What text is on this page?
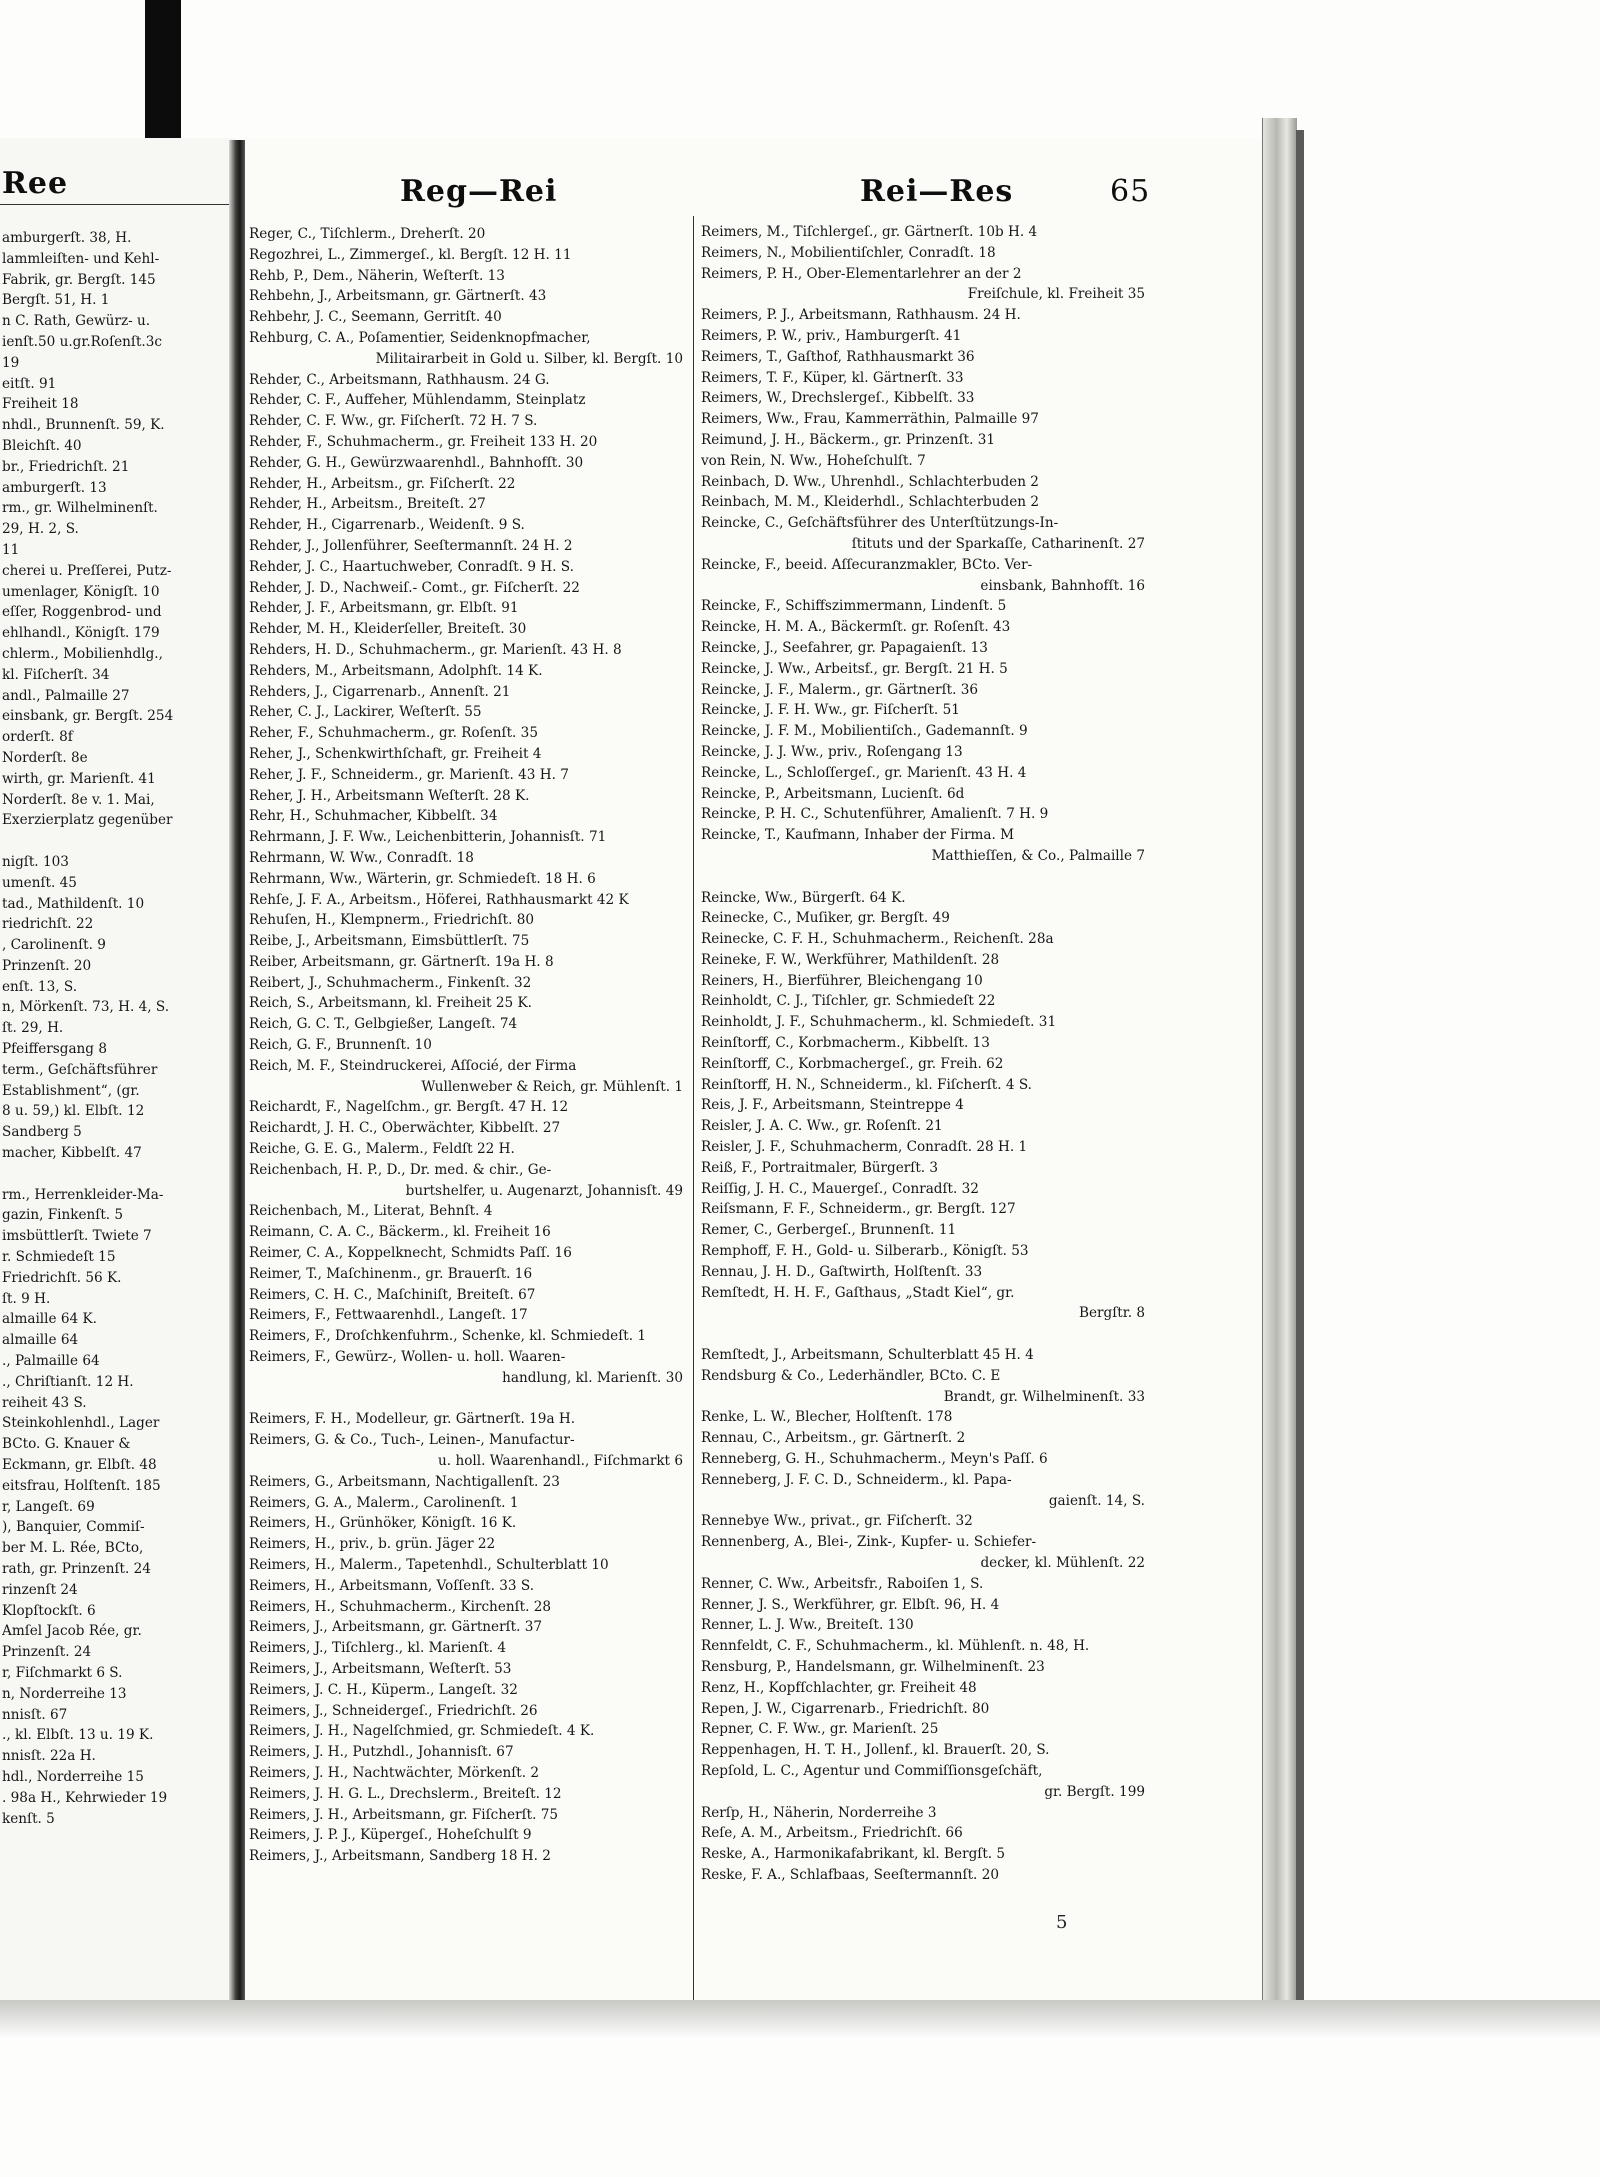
Ree
amburgerſt. 38, H.
lammleiſten- und Kehl-
Fabrik, gr. Bergſt. 145
Bergſt. 51, H. 1
n C. Rath, Gewürz- u.
ienſt.50 u.gr.Roſenſt.3c
19
eitſt. 91
Freiheit 18
nhdl., Brunnenſt. 59, K.
Bleichſt. 40
br., Friedrichſt. 21
amburgerſt. 13
rm., gr. Wilhelminenſt.
29, H. 2, S.
11
cherei u. Preſſerei, Putz-
umenlager, Königſt. 10
eſſer, Roggenbrod- und
ehlhandl., Königſt. 179
chlerm., Mobilienhdlg.,
kl. Fiſcherſt. 34
andl., Palmaille 27
einsbank, gr. Bergſt. 254
orderſt. 8f
Norderſt. 8e
wirth, gr. Marienſt. 41
Norderſt. 8e v. 1. Mai,
Exerzierplatz gegenüber
nigſt. 103
umenſt. 45
tad., Mathildenſt. 10
riedrichſt. 22
, Carolinenſt. 9
Prinzenſt. 20
enſt. 13, S.
n, Mörkenſt. 73, H. 4, S.
ſt. 29, H.
Pfeiffersgang 8
term., Geſchäftsführer
Establishment“, (gr.
8 u. 59,) kl. Elbſt. 12
Sandberg 5
macher, Kibbelſt. 47
rm., Herrenkleider-Ma-
gazin, Finkenſt. 5
imsbüttlerſt. Twiete 7
r. Schmiedeſt 15
Friedrichſt. 56 K.
ſt. 9 H.
almaille 64 K.
almaille 64
., Palmaille 64
., Chriſtianſt. 12 H.
reiheit 43 S.
Steinkohlenhdl., Lager
BCto. G. Knauer &
Eckmann, gr. Elbſt. 48
eitsfrau, Holſtenſt. 185
r, Langeſt. 69
), Banquier, Commiſ-
ber M. L. Rée, BCto,
rath, gr. Prinzenſt. 24
rinzenſt 24
Klopſtockſt. 6
Amſel Jacob Rée, gr.
Prinzenſt. 24
r, Fiſchmarkt 6 S.
n, Norderreihe 13
nnisſt. 67
., kl. Elbſt. 13 u. 19 K.
nnisſt. 22a H.
hdl., Norderreihe 15
. 98a H., Kehrwieder 19
kenſt. 5
Reg—Rei	Rei—Res	65
Reger, C., Tiſchlerm., Dreherſt. 20
Regozhrei, L., Zimmergeſ., kl. Bergſt. 12 H. 11
Rehb, P., Dem., Näherin, Weſterſt. 13
Rehbehn, J., Arbeitsmann, gr. Gärtnerſt. 43
Rehbehr, J. C., Seemann, Gerritſt. 40
Rehburg, C. A., Poſamentier, Seidenknopfmacher,
Militairarbeit in Gold u. Silber, kl. Bergſt. 10
Rehder, C., Arbeitsmann, Rathhausm. 24 G.
Rehder, C. F., Auffeher, Mühlendamm, Steinplatz
Rehder, C. F. Ww., gr. Fiſcherſt. 72 H. 7 S.
Rehder, F., Schuhmacherm., gr. Freiheit 133 H. 20
Rehder, G. H., Gewürzwaarenhdl., Bahnhofſt. 30
Rehder, H., Arbeitsm., gr. Fiſcherſt. 22
Rehder, H., Arbeitsm., Breiteſt. 27
Rehder, H., Cigarrenarb., Weidenſt. 9 S.
Rehder, J., Jollenführer, Seeſtermannſt. 24 H. 2
Rehder, J. C., Haartuchweber, Conradſt. 9 H. S.
Rehder, J. D., Nachweiſ.- Comt., gr. Fiſcherſt. 22
Rehder, J. F., Arbeitsmann, gr. Elbſt. 91
Rehder, M. H., Kleiderſeller, Breiteſt. 30
Rehders, H. D., Schuhmacherm., gr. Marienſt. 43 H. 8
Rehders, M., Arbeitsmann, Adolphſt. 14 K.
Rehders, J., Cigarrenarb., Annenſt. 21
Reher, C. J., Lackirer, Weſterſt. 55
Reher, F., Schuhmacherm., gr. Roſenſt. 35
Reher, J., Schenkwirthſchaft, gr. Freiheit 4
Reher, J. F., Schneiderm., gr. Marienſt. 43 H. 7
Reher, J. H., Arbeitsmann Weſterſt. 28 K.
Rehr, H., Schuhmacher, Kibbelſt. 34
Rehrmann, J. F. Ww., Leichenbitterin, Johannisſt. 71
Rehrmann, W. Ww., Conradſt. 18
Rehrmann, Ww., Wärterin, gr. Schmiedeſt. 18 H. 6
Rehſe, J. F. A., Arbeitsm., Höferei, Rathhausmarkt 42 K
Rehuſen, H., Klempnerm., Friedrichſt. 80
Reibe, J., Arbeitsmann, Eimsbüttlerſt. 75
Reiber, Arbeitsmann, gr. Gärtnerſt. 19a H. 8
Reibert, J., Schuhmacherm., Finkenſt. 32
Reich, S., Arbeitsmann, kl. Freiheit 25 K.
Reich, G. C. T., Gelbgießer, Langeſt. 74
Reich, G. F., Brunnenſt. 10
Reich, M. F., Steindruckerei, Aſſocié, der Firma
Wullenweber & Reich, gr. Mühlenſt. 1
Reichardt, F., Nagelſchm., gr. Bergſt. 47 H. 12
Reichardt, J. H. C., Oberwächter, Kibbelſt. 27
Reiche, G. E. G., Malerm., Feldſt 22 H.
Reichenbach, H. P., D., Dr. med. & chir., Ge-
burtshelfer, u. Augenarzt, Johannisſt. 49
Reichenbach, M., Literat, Behnſt. 4
Reimann, C. A. C., Bäckerm., kl. Freiheit 16
Reimer, C. A., Koppelknecht, Schmidts Paſſ. 16
Reimer, T., Maſchinenm., gr. Brauerſt. 16
Reimers, C. H. C., Maſchiniſt, Breiteſt. 67
Reimers, F., Fettwaarenhdl., Langeſt. 17
Reimers, F., Droſchkenfuhrm., Schenke, kl. Schmiedeſt. 1
Reimers, F., Gewürz-, Wollen- u. holl. Waaren-
handlung, kl. Marienſt. 30
Reimers, F. H., Modelleur, gr. Gärtnerſt. 19a H.
Reimers, G. & Co., Tuch-, Leinen-, Manufactur-
u. holl. Waarenhandl., Fiſchmarkt 6
Reimers, G., Arbeitsmann, Nachtigallenſt. 23
Reimers, G. A., Malerm., Carolinenſt. 1
Reimers, H., Grünhöker, Königſt. 16 K.
Reimers, H., priv., b. grün. Jäger 22
Reimers, H., Malerm., Tapetenhdl., Schulterblatt 10
Reimers, H., Arbeitsmann, Voſſenſt. 33 S.
Reimers, H., Schuhmacherm., Kirchenſt. 28
Reimers, J., Arbeitsmann, gr. Gärtnerſt. 37
Reimers, J., Tiſchlerg., kl. Marienſt. 4
Reimers, J., Arbeitsmann, Weſterſt. 53
Reimers, J. C. H., Küperm., Langeſt. 32
Reimers, J., Schneidergeſ., Friedrichſt. 26
Reimers, J. H., Nagelſchmied, gr. Schmiedeſt. 4 K.
Reimers, J. H., Putzhdl., Johannisſt. 67
Reimers, J. H., Nachtwächter, Mörkenſt. 2
Reimers, J. H. G. L., Drechslerm., Breiteſt. 12
Reimers, J. H., Arbeitsmann, gr. Fiſcherſt. 75
Reimers, J. P. J., Küpergeſ., Hoheſchulſt 9
Reimers, J., Arbeitsmann, Sandberg 18 H. 2
Reimers, M., Tiſchlergeſ., gr. Gärtnerſt. 10b H. 4
Reimers, N., Mobilientiſchler, Conradſt. 18
Reimers, P. H., Ober-Elementarlehrer an der 2
Freiſchule, kl. Freiheit 35
Reimers, P. J., Arbeitsmann, Rathhausm. 24 H.
Reimers, P. W., priv., Hamburgerſt. 41
Reimers, T., Gaſthof, Rathhausmarkt 36
Reimers, T. F., Küper, kl. Gärtnerſt. 33
Reimers, W., Drechslergeſ., Kibbelſt. 33
Reimers, Ww., Frau, Kammerräthin, Palmaille 97
Reimund, J. H., Bäckerm., gr. Prinzenſt. 31
von Rein, N. Ww., Hoheſchulſt. 7
Reinbach, D. Ww., Uhrenhdl., Schlachterbuden 2
Reinbach, M. M., Kleiderhdl., Schlachterbuden 2
Reincke, C., Geſchäftsführer des Unterſtützungs-In-
ſtituts und der Sparkaſſe, Catharinenſt. 27
Reincke, F., beeid. Aſſecuranzmakler, BCto. Ver-
einsbank, Bahnhofſt. 16
Reincke, F., Schiffszimmermann, Lindenſt. 5
Reincke, H. M. A., Bäckermſt. gr. Roſenſt. 43
Reincke, J., Seefahrer, gr. Papagaienſt. 13
Reincke, J. Ww., Arbeitsf., gr. Bergſt. 21 H. 5
Reincke, J. F., Malerm., gr. Gärtnerſt. 36
Reincke, J. F. H. Ww., gr. Fiſcherſt. 51
Reincke, J. F. M., Mobilientiſch., Gademannſt. 9
Reincke, J. J. Ww., priv., Roſengang 13
Reincke, L., Schloſſergeſ., gr. Marienſt. 43 H. 4
Reincke, P., Arbeitsmann, Lucienſt. 6d
Reincke, P. H. C., Schutenführer, Amalienſt. 7 H. 9
Reincke, T., Kaufmann, Inhaber der Firma. M
Matthieſſen, & Co., Palmaille 7
Reincke, Ww., Bürgerſt. 64 K.
Reinecke, C., Muſiker, gr. Bergſt. 49
Reinecke, C. F. H., Schuhmacherm., Reichenſt. 28a
Reineke, F. W., Werkführer, Mathildenſt. 28
Reiners, H., Bierführer, Bleichengang 10
Reinholdt, C. J., Tiſchler, gr. Schmiedeſt 22
Reinholdt, J. F., Schuhmacherm., kl. Schmiedeſt. 31
Reinſtorff, C., Korbmacherm., Kibbelſt. 13
Reinſtorff, C., Korbmachergeſ., gr. Freih. 62
Reinſtorff, H. N., Schneiderm., kl. Fiſcherſt. 4 S.
Reis, J. F., Arbeitsmann, Steintreppe 4
Reisler, J. A. C. Ww., gr. Roſenſt. 21
Reisler, J. F., Schuhmacherm, Conradſt. 28 H. 1
Reiß, F., Portraitmaler, Bürgerſt. 3
Reiſſig, J. H. C., Mauergeſ., Conradſt. 32
Reiſsmann, F. F., Schneiderm., gr. Bergſt. 127
Remer, C., Gerbergeſ., Brunnenſt. 11
Remphoff, F. H., Gold- u. Silberarb., Königſt. 53
Rennau, J. H. D., Gaſtwirth, Holſtenſt. 33
Remſtedt, H. H. F., Gaſthaus, „Stadt Kiel“, gr.
Bergſtr. 8
Remſtedt, J., Arbeitsmann, Schulterblatt 45 H. 4
Rendsburg & Co., Lederhändler, BCto. C. E
Brandt, gr. Wilhelminenſt. 33
Renke, L. W., Blecher, Holſtenſt. 178
Rennau, C., Arbeitsm., gr. Gärtnerſt. 2
Renneberg, G. H., Schuhmacherm., Meyn's Paſſ. 6
Renneberg, J. F. C. D., Schneiderm., kl. Papa-
gaienſt. 14, S.
Rennebye Ww., privat., gr. Fiſcherſt. 32
Rennenberg, A., Blei-, Zink-, Kupfer- u. Schiefer-
decker, kl. Mühlenſt. 22
Renner, C. Ww., Arbeitsfr., Raboiſen 1, S.
Renner, J. S., Werkführer, gr. Elbſt. 96, H. 4
Renner, L. J. Ww., Breiteſt. 130
Rennfeldt, C. F., Schuhmacherm., kl. Mühlenſt. n. 48, H.
Rensburg, P., Handelsmann, gr. Wilhelminenſt. 23
Renz, H., Kopfſchlachter, gr. Freiheit 48
Repen, J. W., Cigarrenarb., Friedrichſt. 80
Repner, C. F. Ww., gr. Marienſt. 25
Reppenhagen, H. T. H., Jollenf., kl. Brauerſt. 20, S.
Repſold, L. C., Agentur und Commiſſionsgeſchäft,
gr. Bergſt. 199
Rerſp, H., Näherin, Norderreihe 3
Reſe, A. M., Arbeitsm., Friedrichſt. 66
Reske, A., Harmonikafabrikant, kl. Bergſt. 5
Reske, F. A., Schlafbaas, Seeſtermannſt. 20
5
